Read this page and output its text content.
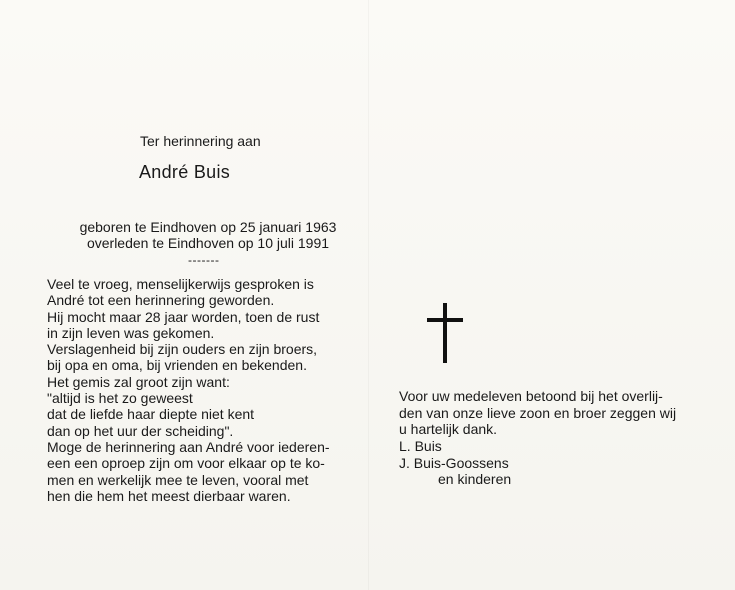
Ter herinnering aan
André Buis
geboren te Eindhoven op 25 januari 1963
overleden te Eindhoven op 10 juli 1991
-------
Veel te vroeg, menselijkerwijs gesproken is
André tot een herinnering geworden.
Hij mocht maar 28 jaar worden, toen de rust
in zijn leven was gekomen.
Verslagenheid bij zijn ouders en zijn broers,
bij opa en oma, bij vrienden en bekenden.
Het gemis zal groot zijn want:
"altijd is het zo geweest
dat de liefde haar diepte niet kent
dan op het uur der scheiding".
Moge de herinnering aan André voor iederen-
een een oproep zijn om voor elkaar op te ko-
men en werkelijk mee te leven, vooral met
hen die hem het meest dierbaar waren.
Voor uw medeleven betoond bij het overlij-
den van onze lieve zoon en broer zeggen wij
u hartelijk dank.
L. Buis
J. Buis-Goossens
en kinderen
